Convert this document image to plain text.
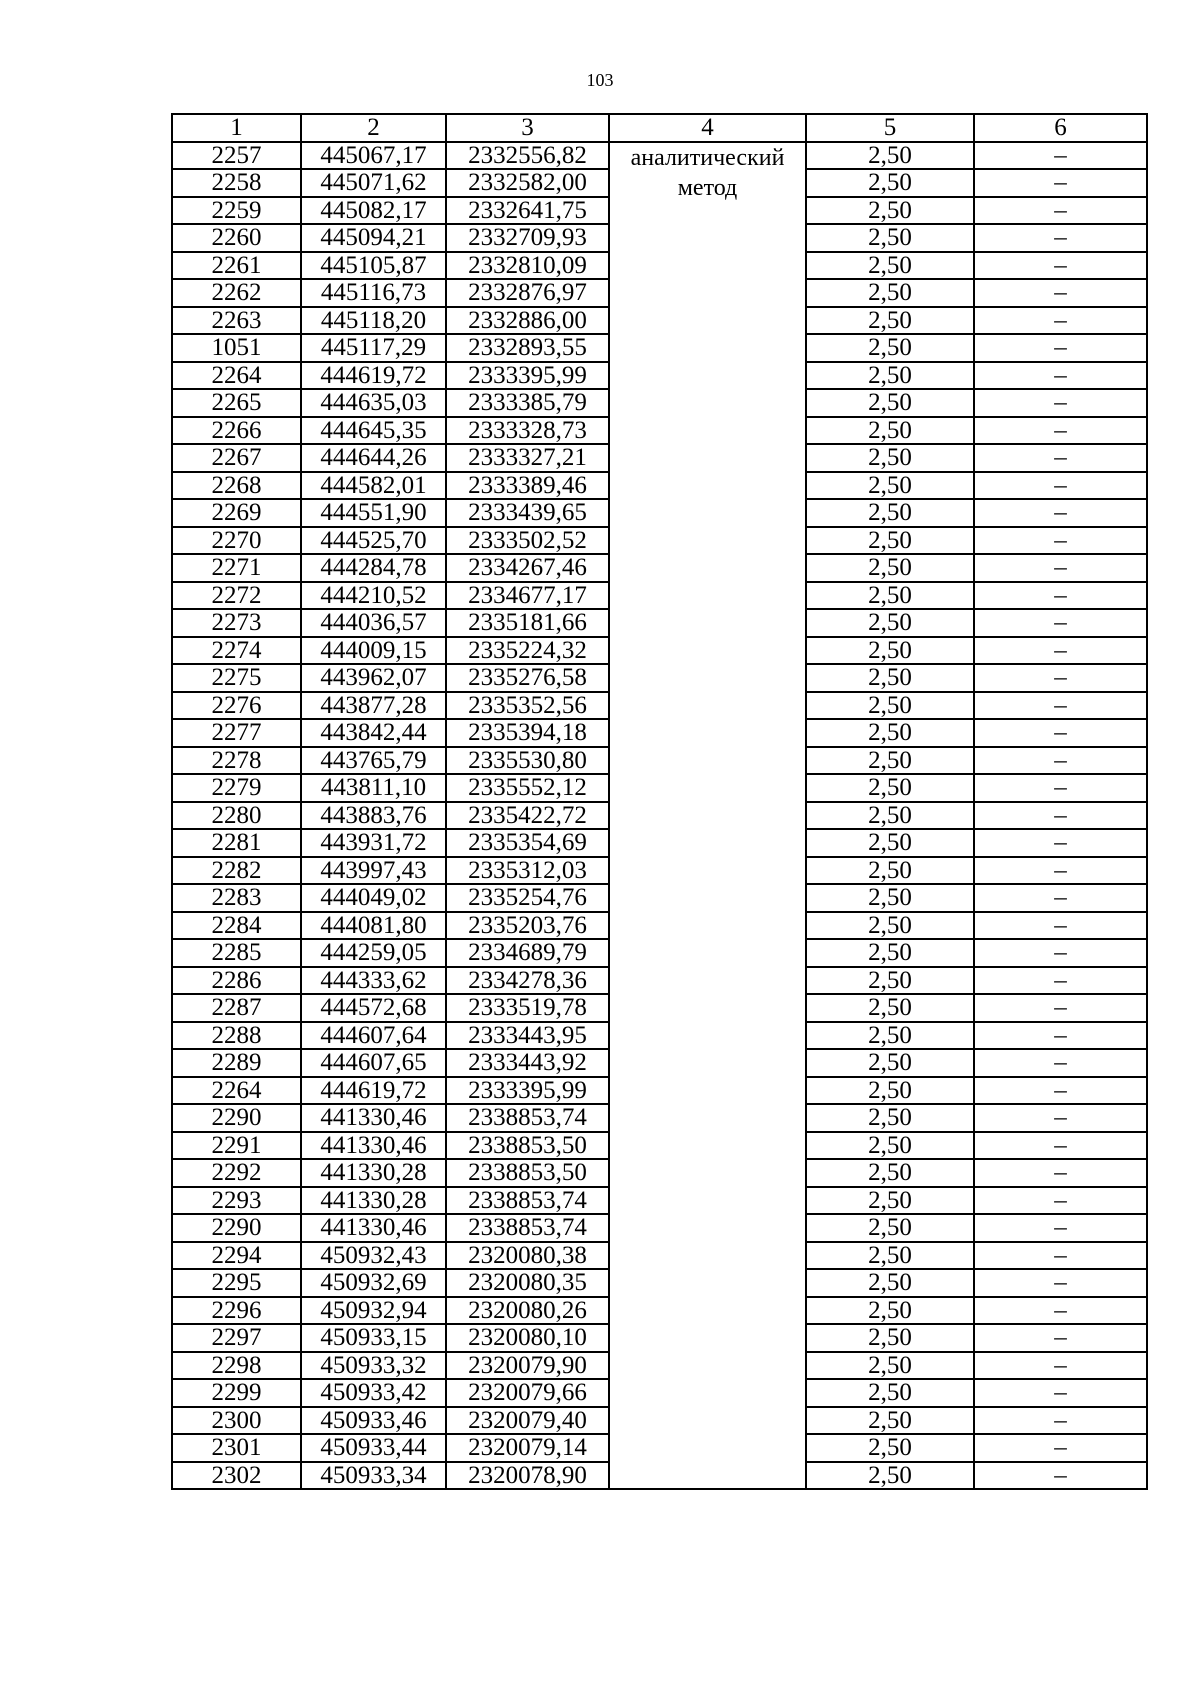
103
1	2	3	4	5	6
2257	445067,17	2332556,82	аналитический метод	2,50	–
2258	445071,62	2332582,00		2,50	–
2259	445082,17	2332641,75		2,50	–
2260	445094,21	2332709,93		2,50	–
2261	445105,87	2332810,09		2,50	–
2262	445116,73	2332876,97		2,50	–
2263	445118,20	2332886,00		2,50	–
1051	445117,29	2332893,55		2,50	–
2264	444619,72	2333395,99		2,50	–
2265	444635,03	2333385,79		2,50	–
2266	444645,35	2333328,73		2,50	–
2267	444644,26	2333327,21		2,50	–
2268	444582,01	2333389,46		2,50	–
2269	444551,90	2333439,65		2,50	–
2270	444525,70	2333502,52		2,50	–
2271	444284,78	2334267,46		2,50	–
2272	444210,52	2334677,17		2,50	–
2273	444036,57	2335181,66		2,50	–
2274	444009,15	2335224,32		2,50	–
2275	443962,07	2335276,58		2,50	–
2276	443877,28	2335352,56		2,50	–
2277	443842,44	2335394,18		2,50	–
2278	443765,79	2335530,80		2,50	–
2279	443811,10	2335552,12		2,50	–
2280	443883,76	2335422,72		2,50	–
2281	443931,72	2335354,69		2,50	–
2282	443997,43	2335312,03		2,50	–
2283	444049,02	2335254,76		2,50	–
2284	444081,80	2335203,76		2,50	–
2285	444259,05	2334689,79		2,50	–
2286	444333,62	2334278,36		2,50	–
2287	444572,68	2333519,78		2,50	–
2288	444607,64	2333443,95		2,50	–
2289	444607,65	2333443,92		2,50	–
2264	444619,72	2333395,99		2,50	–
2290	441330,46	2338853,74		2,50	–
2291	441330,46	2338853,50		2,50	–
2292	441330,28	2338853,50		2,50	–
2293	441330,28	2338853,74		2,50	–
2290	441330,46	2338853,74		2,50	–
2294	450932,43	2320080,38		2,50	–
2295	450932,69	2320080,35		2,50	–
2296	450932,94	2320080,26		2,50	–
2297	450933,15	2320080,10		2,50	–
2298	450933,32	2320079,90		2,50	–
2299	450933,42	2320079,66		2,50	–
2300	450933,46	2320079,40		2,50	–
2301	450933,44	2320079,14		2,50	–
2302	450933,34	2320078,90		2,50	–
